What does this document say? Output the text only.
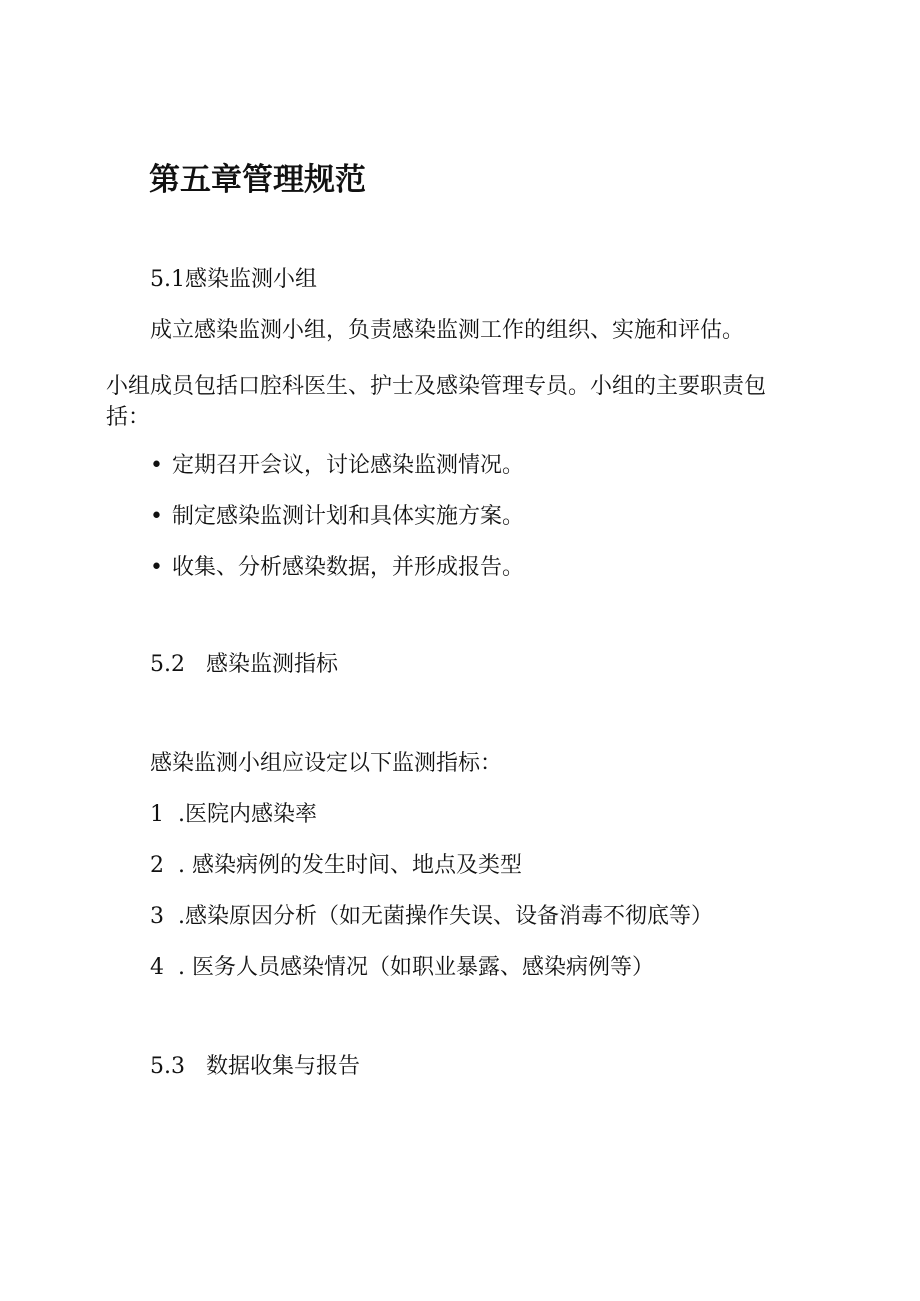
第五章管理规范
5.1感染监测小组
成立感染监测小组，负责感染监测工作的组织、实施和评估。
小组成员包括口腔科医生、护士及感染管理专员。小组的主要职责包括：
• 定期召开会议，讨论感染监测情况。
• 制定感染监测计划和具体实施方案。
• 收集、分析感染数据，并形成报告。
5.2   感染监测指标
感染监测小组应设定以下监测指标：
1  .医院内感染率
2  . 感染病例的发生时间、地点及类型
3  .感染原因分析（如无菌操作失误、设备消毒不彻底等）
4  . 医务人员感染情况（如职业暴露、感染病例等）
5.3   数据收集与报告
